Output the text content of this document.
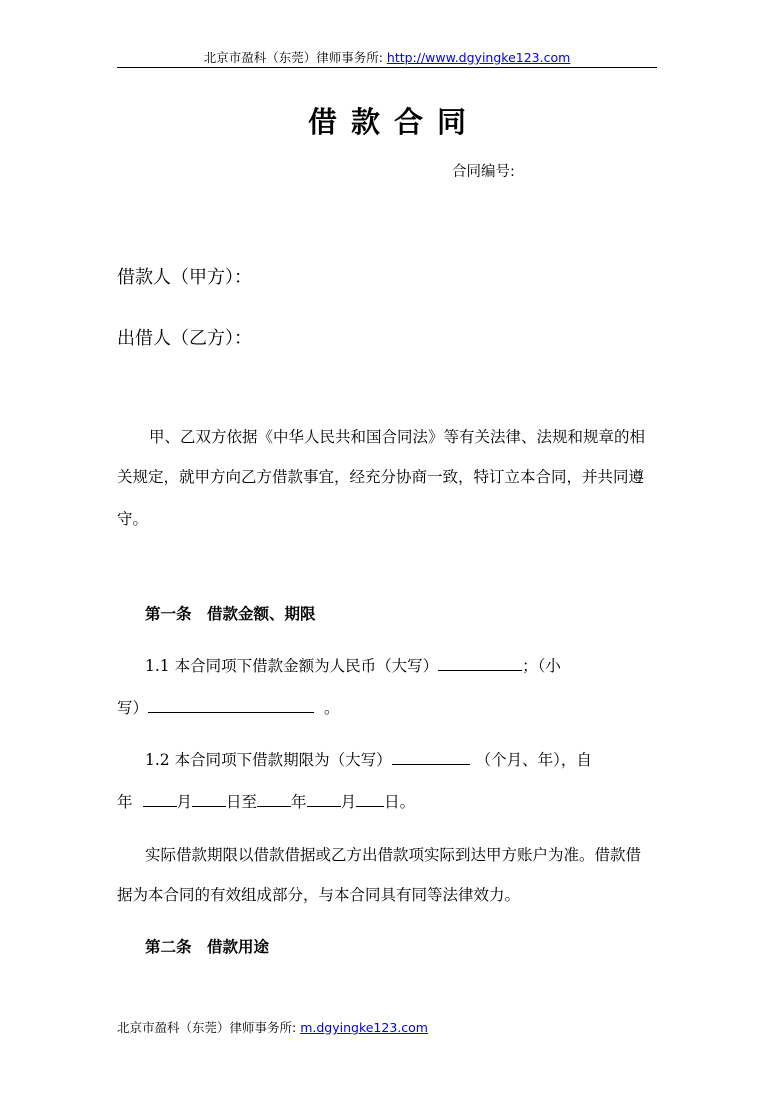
北京市盈科（东莞）律师事务所: http://www.dgyingke123.com
借款合同
合同编号:
借款人（甲方）：
出借人（乙方）：
甲、乙双方依据《中华人民共和国合同法》等有关法律、法规和规章的相
关规定，就甲方向乙方借款事宜，经充分协商一致，特订立本合同，并共同遵
守。
第一条　借款金额、期限
1.1 本合同项下借款金额为人民币（大写）	；（小
写）	。
1.2 本合同项下借款期限为（大写）	（个月、年），自
年	月 日至 年 月 日。
实际借款期限以借款借据或乙方出借款项实际到达甲方账户为准。借款借
据为本合同的有效组成部分，与本合同具有同等法律效力。
第二条　借款用途
北京市盈科（东莞）律师事务所: m.dgyingke123.com
